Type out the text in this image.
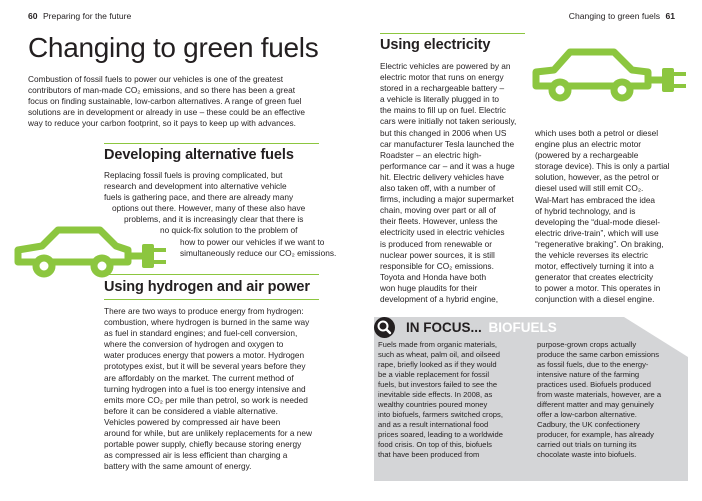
60 Preparing for the future	Changing to green fuels 61
Changing to green fuels
Combustion of fossil fuels to power our vehicles is one of the greatest
contributors of man-made CO₂ emissions, and so there has been a great
focus on finding sustainable, low-carbon alternatives. A range of green fuel
solutions are in development or already in use – these could be an effective
way to reduce your carbon footprint, so it pays to keep up with advances.
Developing alternative fuels
Replacing fossil fuels is proving complicated, but
research and development into alternative vehicle
fuels is gathering pace, and there are already many
options out there. However, many of these also have
problems, and it is increasingly clear that there is
no quick-fix solution to the problem of
how to power our vehicles if we want to
simultaneously reduce our CO₂ emissions.
Using hydrogen and air power
There are two ways to produce energy from hydrogen:
combustion, where hydrogen is burned in the same way
as fuel in standard engines; and fuel-cell conversion,
where the conversion of hydrogen and oxygen to
water produces energy that powers a motor. Hydrogen
prototypes exist, but it will be several years before they
are affordably on the market. The current method of
turning hydrogen into a fuel is too energy intensive and
emits more CO₂ per mile than petrol, so work is needed
before it can be considered a viable alternative.
Vehicles powered by compressed air have been
around for while, but are unlikely replacements for a new
portable power supply, chiefly because storing energy
as compressed air is less efficient than charging a
battery with the same amount of energy.
Using electricity
Electric vehicles are powered by an
electric motor that runs on energy
stored in a rechargeable battery –
a vehicle is literally plugged in to
the mains to fill up on fuel. Electric
cars were initially not taken seriously,
but this changed in 2006 when US
car manufacturer Tesla launched the
Roadster – an electric high-
performance car – and it was a huge
hit. Electric delivery vehicles have
also taken off, with a number of
firms, including a major supermarket
chain, moving over part or all of
their fleets. However, unless the
electricity used in electric vehicles
is produced from renewable or
nuclear power sources, it is still
responsible for CO₂ emissions.
Toyota and Honda have both
won huge plaudits for their
development of a hybrid engine,
which uses both a petrol or diesel
engine plus an electric motor
(powered by a rechargeable
storage device). This is only a partial
solution, however, as the petrol or
diesel used will still emit CO₂.
Wal-Mart has embraced the idea
of hybrid technology, and is
developing the “dual-mode diesel-
electric drive-train”, which will use
“regenerative braking”. On braking,
the vehicle reverses its electric
motor, effectively turning it into a
generator that creates electricity
to power a motor. This operates in
conjunction with a diesel engine.
IN FOCUS... BIOFUELS
Fuels made from organic materials,
such as wheat, palm oil, and oilseed
rape, briefly looked as if they would
be a viable replacement for fossil
fuels, but investors failed to see the
inevitable side effects. In 2008, as
wealthy countries poured money
into biofuels, farmers switched crops,
and as a result international food
prices soared, leading to a worldwide
food crisis. On top of this, biofuels
that have been produced from
purpose-grown crops actually
produce the same carbon emissions
as fossil fuels, due to the energy-
intensive nature of the farming
practices used. Biofuels produced
from waste materials, however, are a
different matter and may genuinely
offer a low-carbon alternative.
Cadbury, the UK confectionery
producer, for example, has already
carried out trials on turning its
chocolate waste into biofuels.
